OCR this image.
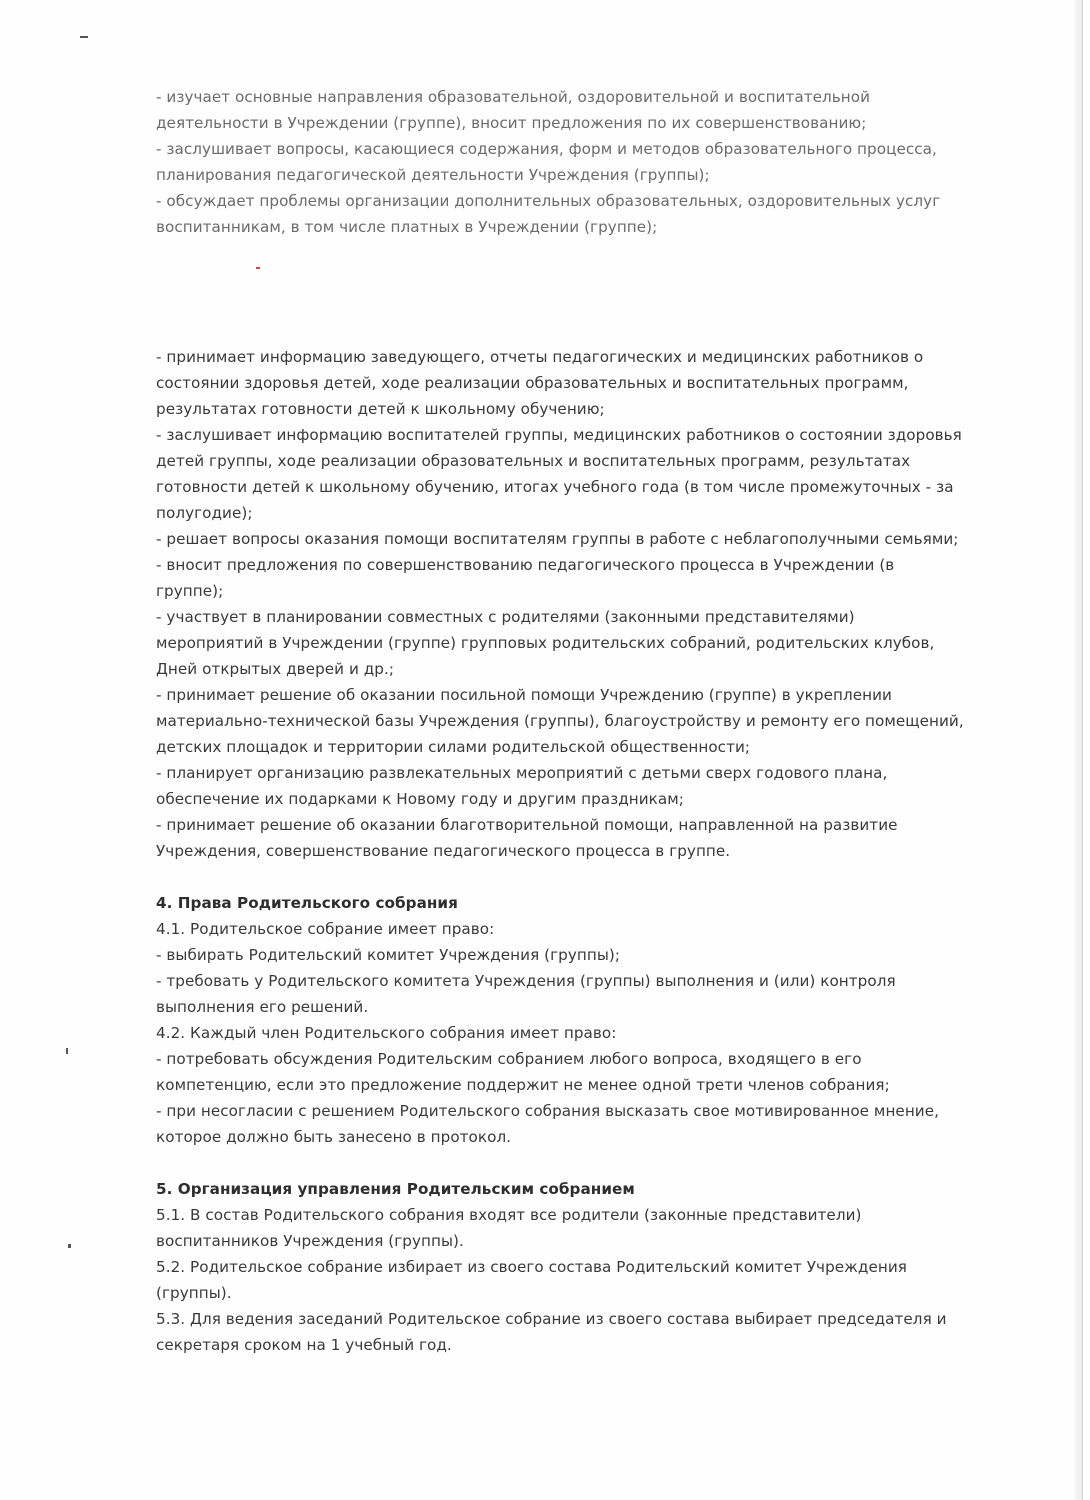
- изучает основные направления образовательной, оздоровительной и воспитательной
деятельности в Учреждении (группе), вносит предложения по их совершенствованию;
- заслушивает вопросы, касающиеся содержания, форм и методов образовательного процесса,
планирования педагогической деятельности Учреждения (группы);
- обсуждает проблемы организации дополнительных образовательных, оздоровительных услуг
воспитанникам, в том числе платных в Учреждении (группе);
- принимает информацию заведующего, отчеты педагогических и медицинских работников о
состоянии здоровья детей, ходе реализации образовательных и воспитательных программ,
результатах готовности детей к школьному обучению;
- заслушивает информацию воспитателей группы, медицинских работников о состоянии здоровья
детей группы, ходе реализации образовательных и воспитательных программ, результатах
готовности детей к школьному обучению, итогах учебного года (в том числе промежуточных - за
полугодие);
- решает вопросы оказания помощи воспитателям группы в работе с неблагополучными семьями;
- вносит предложения по совершенствованию педагогического процесса в Учреждении (в
группе);
- участвует в планировании совместных с родителями (законными представителями)
мероприятий в Учреждении (группе) групповых родительских собраний, родительских клубов,
Дней открытых дверей и др.;
- принимает решение об оказании посильной помощи Учреждению (группе) в укреплении
материально-технической базы Учреждения (группы), благоустройству и ремонту его помещений,
детских площадок и территории силами родительской общественности;
- планирует организацию развлекательных мероприятий с детьми сверх годового плана,
обеспечение их подарками к Новому году и другим праздникам;
- принимает решение об оказании благотворительной помощи, направленной на развитие
Учреждения, совершенствование педагогического процесса в группе.
4. Права Родительского собрания
4.1. Родительское собрание имеет право:
- выбирать Родительский комитет Учреждения (группы);
- требовать у Родительского комитета Учреждения (группы) выполнения и (или) контроля
выполнения его решений.
4.2. Каждый член Родительского собрания имеет право:
- потребовать обсуждения Родительским собранием любого вопроса, входящего в его
компетенцию, если это предложение поддержит не менее одной трети членов собрания;
- при несогласии с решением Родительского собрания высказать свое мотивированное мнение,
которое должно быть занесено в протокол.
5. Организация управления Родительским собранием
5.1. В состав Родительского собрания входят все родители (законные представители)
воспитанников Учреждения (группы).
5.2. Родительское собрание избирает из своего состава Родительский комитет Учреждения
(группы).
5.3. Для ведения заседаний Родительское собрание из своего состава выбирает председателя и
секретаря сроком на 1 учебный год.
